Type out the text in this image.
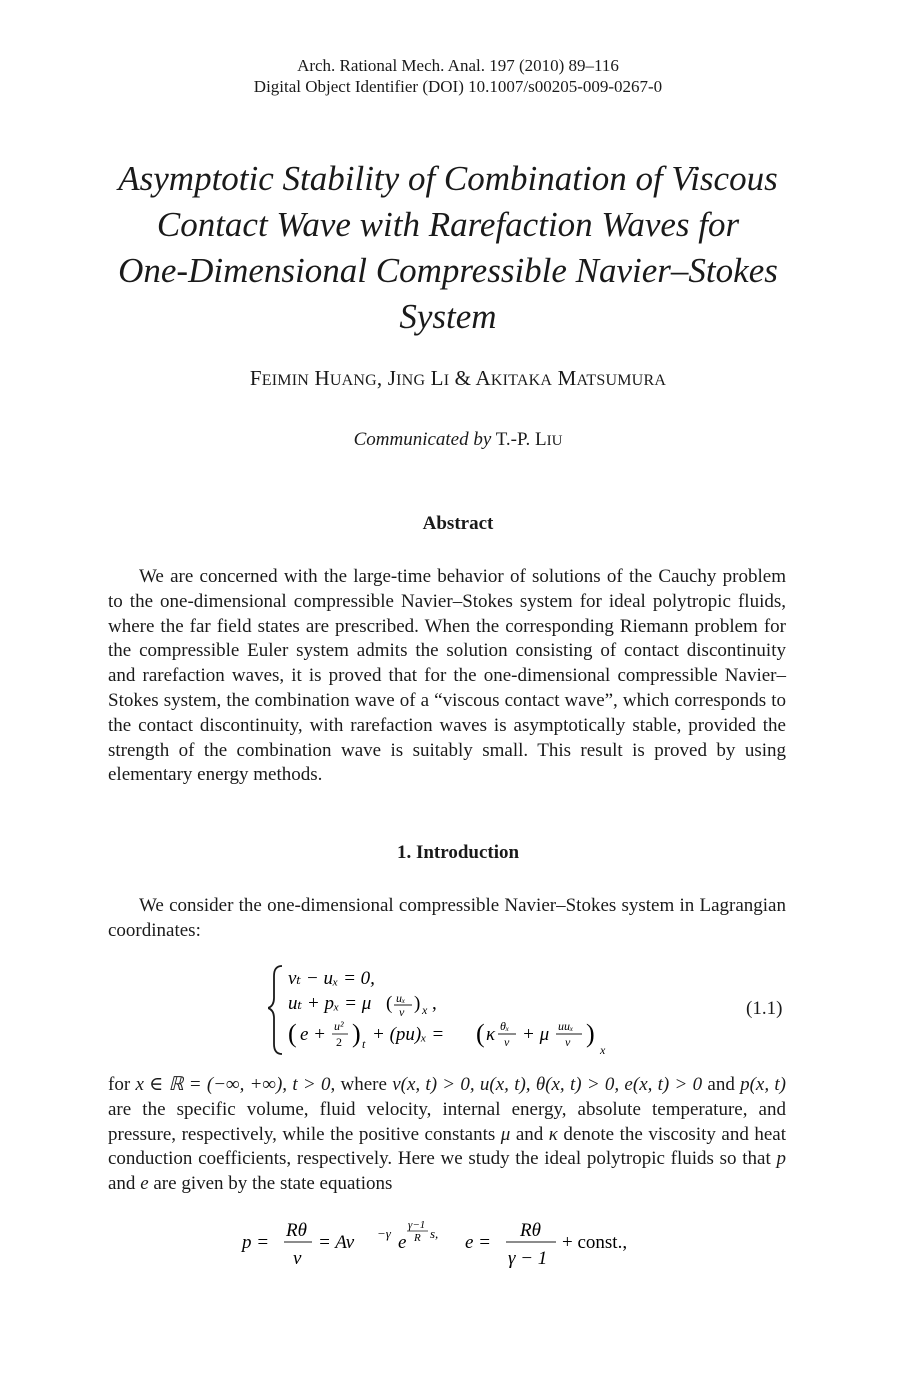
Arch. Rational Mech. Anal. 197 (2010) 89–116
Digital Object Identifier (DOI) 10.1007/s00205-009-0267-0
Asymptotic Stability of Combination of Viscous
Contact Wave with Rarefaction Waves for
One-Dimensional Compressible Navier–Stokes
System
FEIMIN HUANG, JING LI & AKITAKA MATSUMURA
Communicated by T.-P. LIU
Abstract

We are concerned with the large-time behavior of solutions of the Cauchy problem to the one-dimensional compressible Navier–Stokes system for ideal polytropic fluids, where the far field states are prescribed. When the corresponding Riemann problem for the compressible Euler system admits the solution consisting of contact discontinuity and rarefaction waves, it is proved that for the one-dimensional compressible Navier–Stokes system, the combination wave of a “viscous contact wave”, which corresponds to the contact discontinuity, with rarefaction waves is asymptotically stable, provided the strength of the combination wave is suitably small. This result is proved by using elementary energy methods.

1. Introduction

We consider the one-dimensional compressible Navier–Stokes system in Lagrangian coordinates:

vₜ − uₓ = 0,
uₜ + pₓ = μ ( uₓ
v ) x ,
( e + u²
2 ) t + (pu)ₓ = ( κ θₓ
v + μ uuₓ
v )
x
(1.1)

for x ∈ ℝ = (−∞, +∞), t > 0, where v(x, t) > 0, u(x, t), θ(x, t) > 0, e(x, t) > 0 and p(x, t) are the specific volume, fluid velocity, internal energy, absolute temperature, and pressure, respectively, while the positive constants μ and κ denote the viscosity and heat conduction coefficients, respectively. Here we study the ideal polytropic fluids so that p and e are given by the state equations

p =
Rθ
v
= Av −γ e
γ−1
R s, e =
Rθ
γ − 1
+ const.,
